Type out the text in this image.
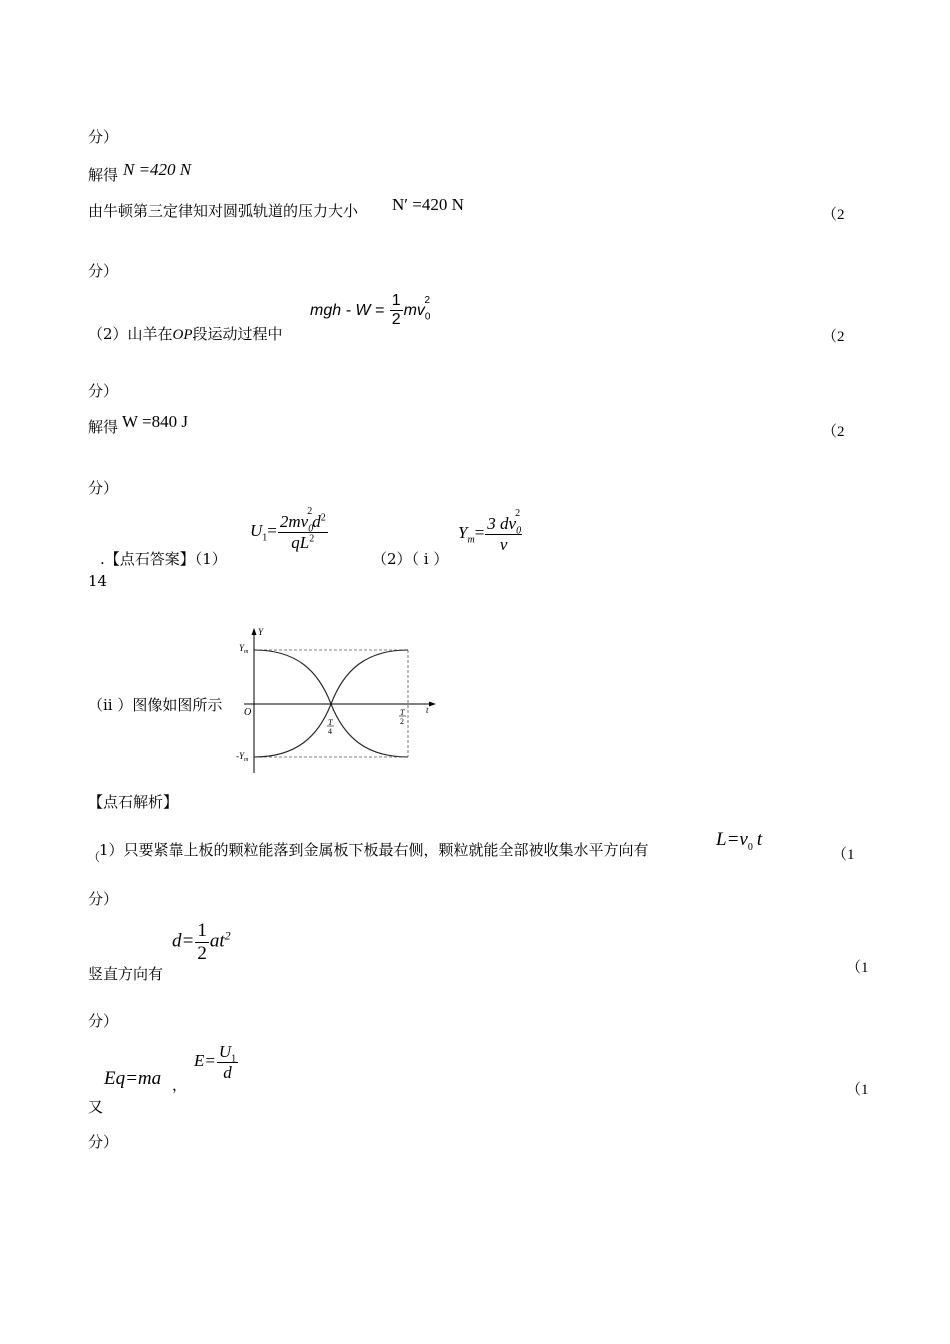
分）
解得 N =420 N
由牛顿第三定律知对圆弧轨道的压力大小 N′ =420 N
（2
分）
（2）山羊在OP段运动过程中
mgh - $W = \frac{1}{2} mv_0^2$
（2
分）
解得 W =840 J
（2
分）
.【点石答案】（1）
$U_1= \frac{2mv_0^2d^2}{qL^2}$
（2）（ i ）
$Y_m= \frac{3 dv_0^2}{v}$
14
（ii ）图像如图所示
Y
$Y_m$
$-Y_m$
O	t
T
4
T
2
【点石解析】
（
1）只要紧靠上板的颗粒能落到金属板下板最右侧，颗粒就能全部被收集水平方向有	$L=v_0$ t
（1
分）
$d= \frac{1}{2} at^2$
竖直方向有	（1
分）
Eq=ma ，
$E= \frac{U_1}{d}$
（1
又
分）
